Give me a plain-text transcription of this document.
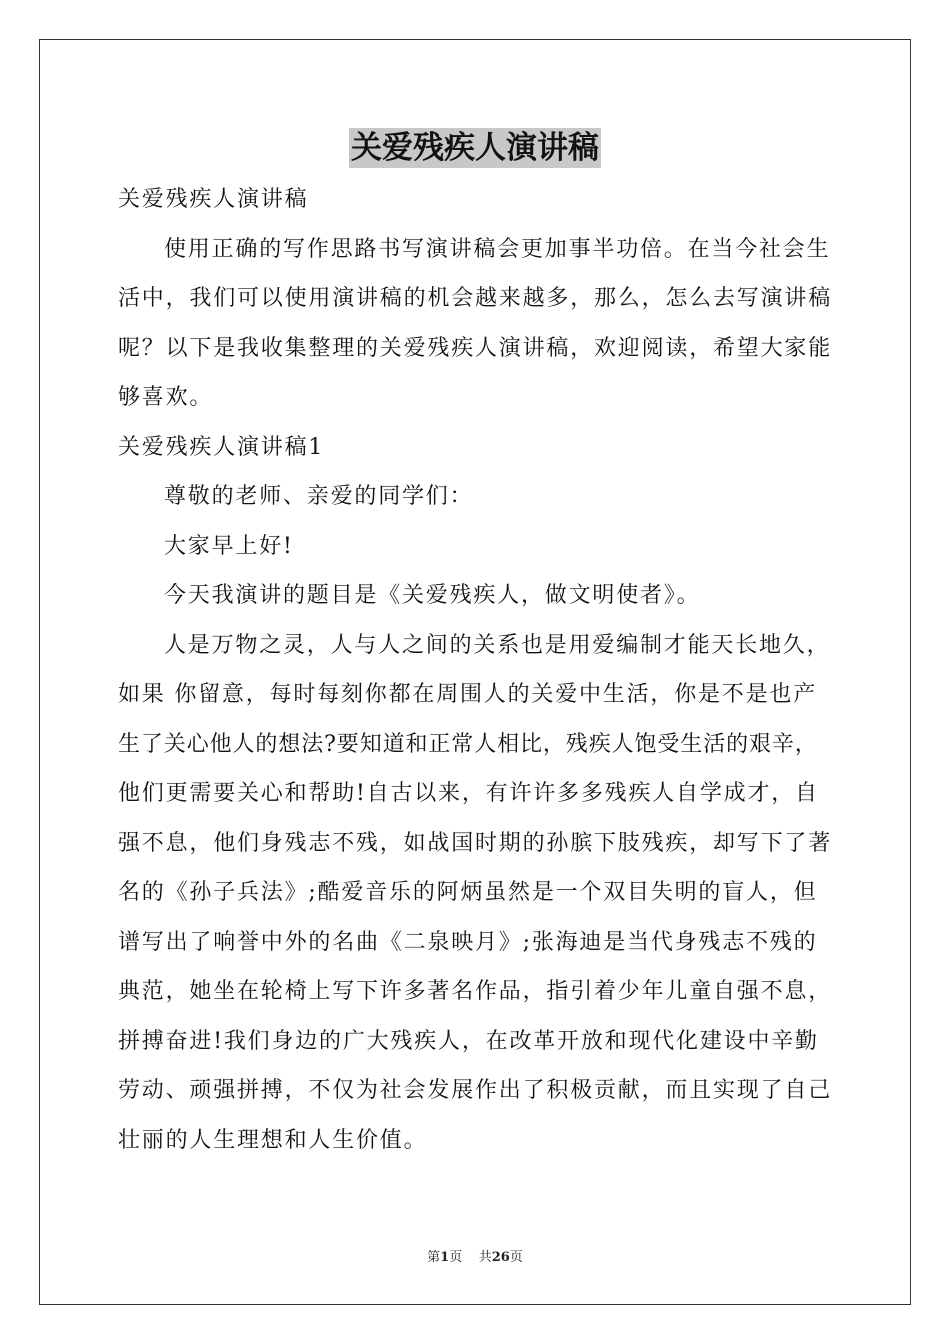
关爱残疾人演讲稿
关爱残疾人演讲稿
使用正确的写作思路书写演讲稿会更加事半功倍。在当今社会生
活中，我们可以使用演讲稿的机会越来越多，那么，怎么去写演讲稿
呢？以下是我收集整理的关爱残疾人演讲稿，欢迎阅读，希望大家能
够喜欢。
关爱残疾人演讲稿1
尊敬的老师、亲爱的同学们：
大家早上好!
今天我演讲的题目是《关爱残疾人，做文明使者》。
人是万物之灵，人与人之间的关系也是用爱编制才能天长地久，
如果 你留意，每时每刻你都在周围人的关爱中生活，你是不是也产
生了关心他人的想法?要知道和正常人相比，残疾人饱受生活的艰辛，
他们更需要关心和帮助!自古以来，有许许多多残疾人自学成才，自
强不息，他们身残志不残，如战国时期的孙膑下肢残疾，却写下了著
名的《孙子兵法》;酷爱音乐的阿炳虽然是一个双目失明的盲人，但
谱写出了响誉中外的名曲《二泉映月》;张海迪是当代身残志不残的
典范，她坐在轮椅上写下许多著名作品，指引着少年儿童自强不息，
拼搏奋进!我们身边的广大残疾人，在改革开放和现代化建设中辛勤
劳动、顽强拼搏，不仅为社会发展作出了积极贡献，而且实现了自己
壮丽的人生理想和人生价值。
第1页 共26页
